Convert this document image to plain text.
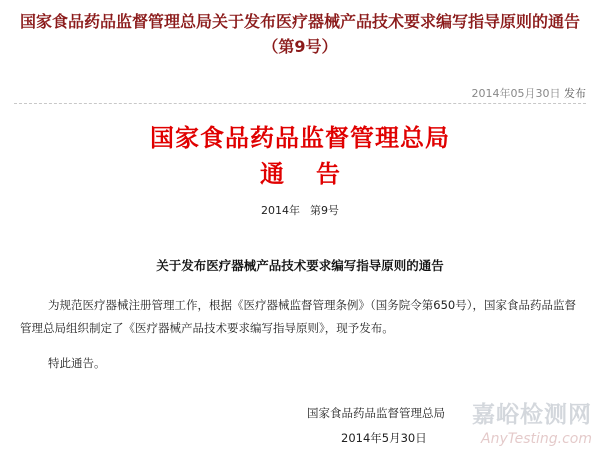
国家食品药品监督管理总局关于发布医疗器械产品技术要求编写指导原则的通告（第9号）
2014年05月30日 发布
国家食品药品监督管理总局
通告
2014年 第9号
关于发布医疗器械产品技术要求编写指导原则的通告

为规范医疗器械注册管理工作，根据《医疗器械监督管理条例》（国务院令第650号），国家食品药品监督管理总局组织制定了《医疗器械产品技术要求编写指导原则》，现予发布。

特此通告。

国家食品药品监督管理总局
2014年5月30日
嘉峪检测网
AnyTesting.com
